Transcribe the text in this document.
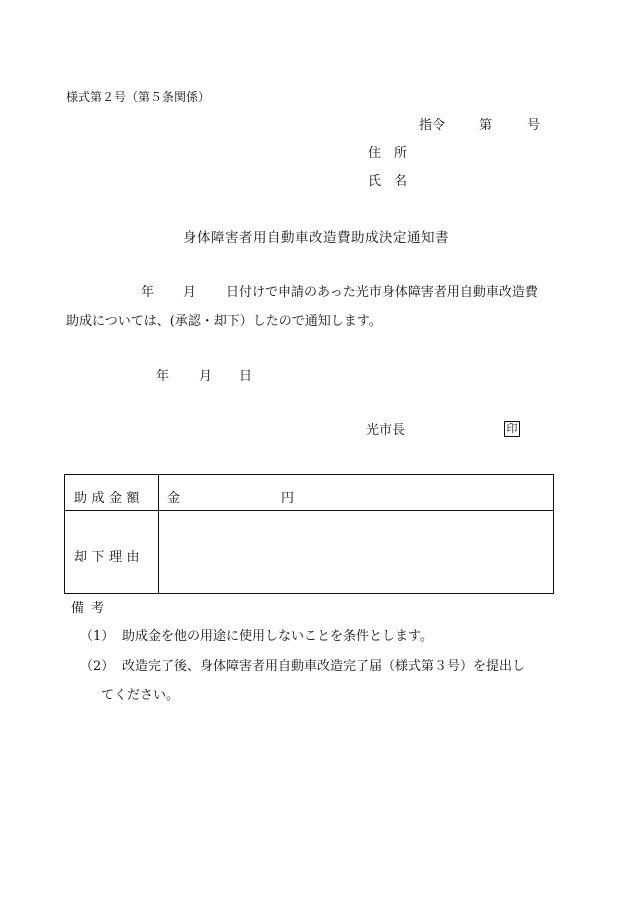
様式第２号（第５条関係）
指令	第	号
住 所
氏 名
身体障害者用自動車改造費助成決定通知書
年 月 日付けで申請のあった光市身体障害者用自動車改造費
助成については、(承認・却下）したので通知します。
年 月 日
光市長	印
助成金額 金	円
却下理由
備 考
（1） 助成金を他の用途に使用しないことを条件とします。
（2） 改造完了後、身体障害者用自動車改造完了届（様式第３号）を提出し
てください。
